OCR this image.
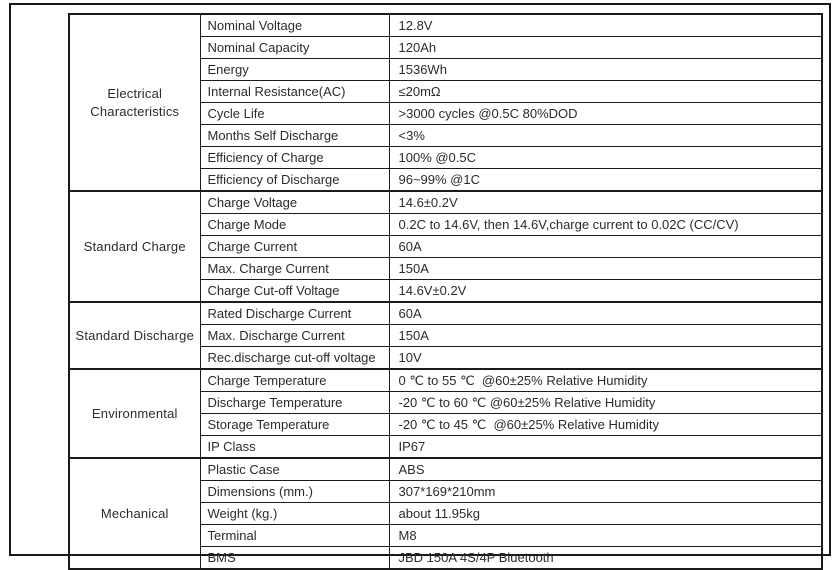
Electrical Characteristics	Nominal Voltage	12.8V
	Nominal Capacity	120Ah
	Energy	1536Wh
	Internal Resistance(AC)	≤20mΩ
	Cycle Life	>3000 cycles @0.5C 80%DOD
	Months Self Discharge	<3%
	Efficiency of Charge	100% @0.5C
	Efficiency of Discharge	96~99% @1C
Standard Charge	Charge Voltage	14.6±0.2V
	Charge Mode	0.2C to 14.6V, then 14.6V,charge current to 0.02C (CC/CV)
	Charge Current	60A
	Max. Charge Current	150A
	Charge Cut-off Voltage	14.6V±0.2V
Standard Discharge	Rated Discharge Current	60A
	Max. Discharge Current	150A
	Rec.discharge cut-off voltage	10V
Environmental	Charge Temperature	0 ℃ to 55 ℃  @60±25% Relative Humidity
	Discharge Temperature	-20 ℃ to 60 ℃ @60±25% Relative Humidity
	Storage Temperature	-20 ℃ to 45 ℃  @60±25% Relative Humidity
	IP Class	IP67
Mechanical	Plastic Case	ABS
	Dimensions (mm.)	307*169*210mm
	Weight (kg.)	about 11.95kg
	Terminal	M8
	BMS	JBD 150A 4S/4P Bluetooth
